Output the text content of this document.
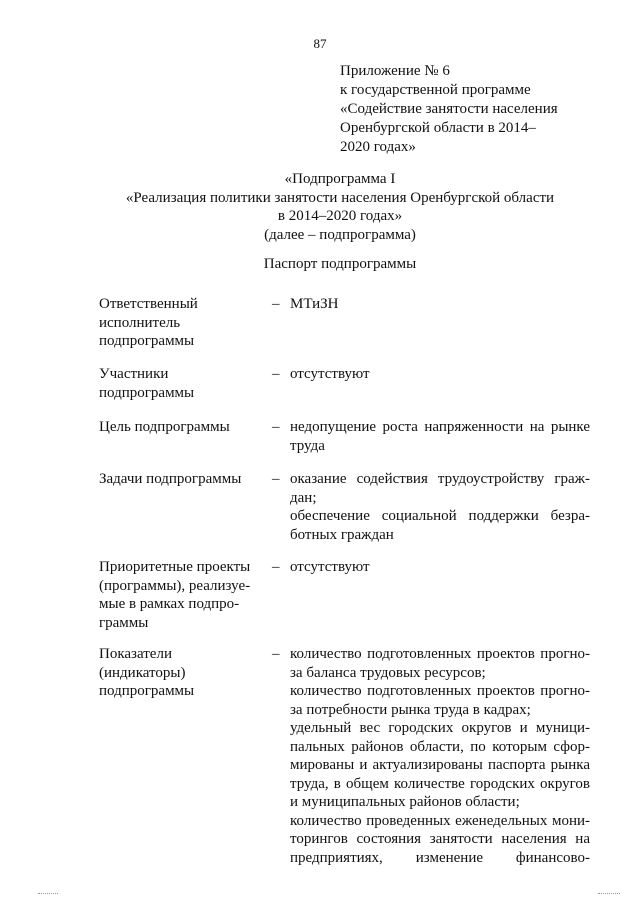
87
Приложение № 6
к государственной программе
«Содействие занятости населения
Оренбургской области в 2014–
2020 годах»
«Подпрограмма I
«Реализация политики занятости населения Оренбургской области
в 2014–2020 годах»
(далее – подпрограмма)
Паспорт подпрограммы
Ответственный
исполнитель
подпрограммы
– МТиЗН

Участники
подпрограммы
– отсутствуют

Цель подпрограммы	– недопущение роста напряженности на рынке труда

Задачи подпрограммы	– оказание содействия трудоустройству граж-дан;

обеспечение социальной поддержки безра-ботных граждан

Приоритетные проекты
(программы), реализуе-
мые в рамках подпро-
граммы
– отсутствуют

Показатели
(индикаторы)
подпрограммы
– количество подготовленных проектов прогно-за баланса трудовых ресурсов;

количество подготовленных проектов прогно-за потребности рынка труда в кадрах;

удельный вес городских округов и муници-пальных районов области, по которым сфор-мированы и актуализированы паспорта рынка труда, в общем количестве городских округов и муниципальных районов области;

количество проведенных еженедельных мони-торингов состояния занятости населения на предприятиях, изменение финансово-
